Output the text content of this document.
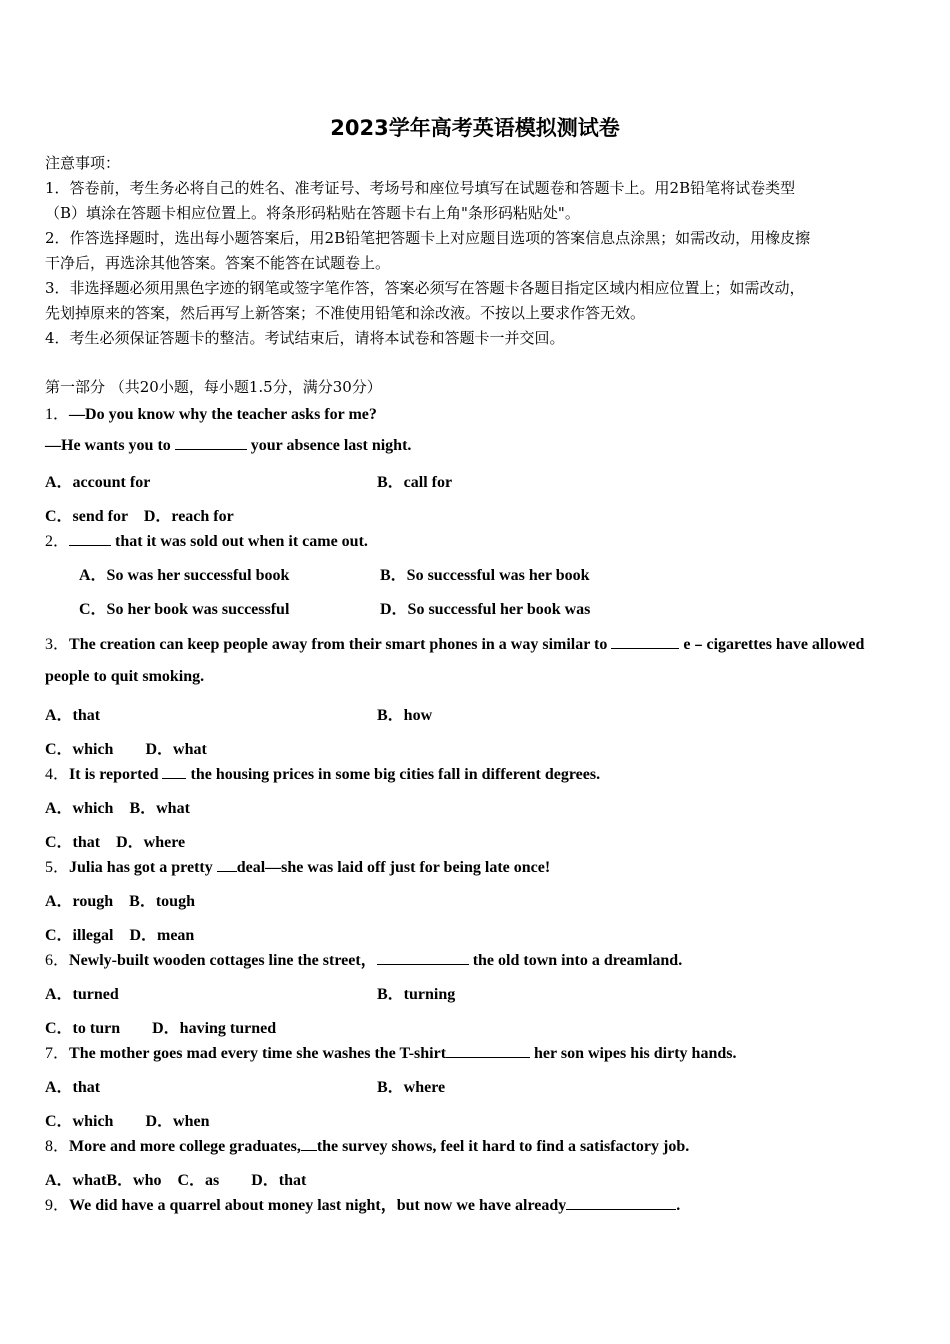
2023学年高考英语模拟测试卷
注意事项：
1．答卷前，考生务必将自己的姓名、准考证号、考场号和座位号填写在试题卷和答题卡上。用2B铅笔将试卷类型
（B）填涂在答题卡相应位置上。将条形码粘贴在答题卡右上角"条形码粘贴处"。
2．作答选择题时，选出每小题答案后，用2B铅笔把答题卡上对应题目选项的答案信息点涂黑；如需改动，用橡皮擦
干净后，再选涂其他答案。答案不能答在试题卷上。
3．非选择题必须用黑色字迹的钢笔或签字笔作答，答案必须写在答题卡各题目指定区域内相应位置上；如需改动，
先划掉原来的答案，然后再写上新答案；不准使用铅笔和涂改液。不按以上要求作答无效。
4．考生必须保证答题卡的整洁。考试结束后，请将本试卷和答题卡一并交回。
第一部分 （共20小题，每小题1.5分，满分30分）
1．—Do you know why the teacher asks for me?
—He wants you to	your absence last night.
A．account for	B．call for
C．send for　D．reach for
2．	that it was sold out when it came out.
A．So was her successful book	B．So successful was her book
C．So her book was successful	D．So successful her book was
3．The creation can keep people away from their smart phones in a way similar to	e﹣cigarettes have allowed
people to quit smoking.
A．that	B．how
C．which　　D．what
4．It is reported  the housing prices in some big cities fall in different degrees.
A．which　B．what
C．that　D．where
5．Julia has got a pretty deal—she was laid off just for being late once!
A．rough　B．tough
C．illegal　D．mean
6．Newly-built wooden cottages line the street，	the old town into a dreamland.
A．turned	B．turning
C．to turn　　D．having turned
7．The mother goes mad every time she washes the T-shirt	her son wipes his dirty hands.
A．that	B．where
C．which　　D．when
8．More and more college graduates, the survey shows, feel it hard to find a satisfactory job.
A．whatB．who　C．as　　D．that
9．We did have a quarrel about money last night，but now we have already	.
